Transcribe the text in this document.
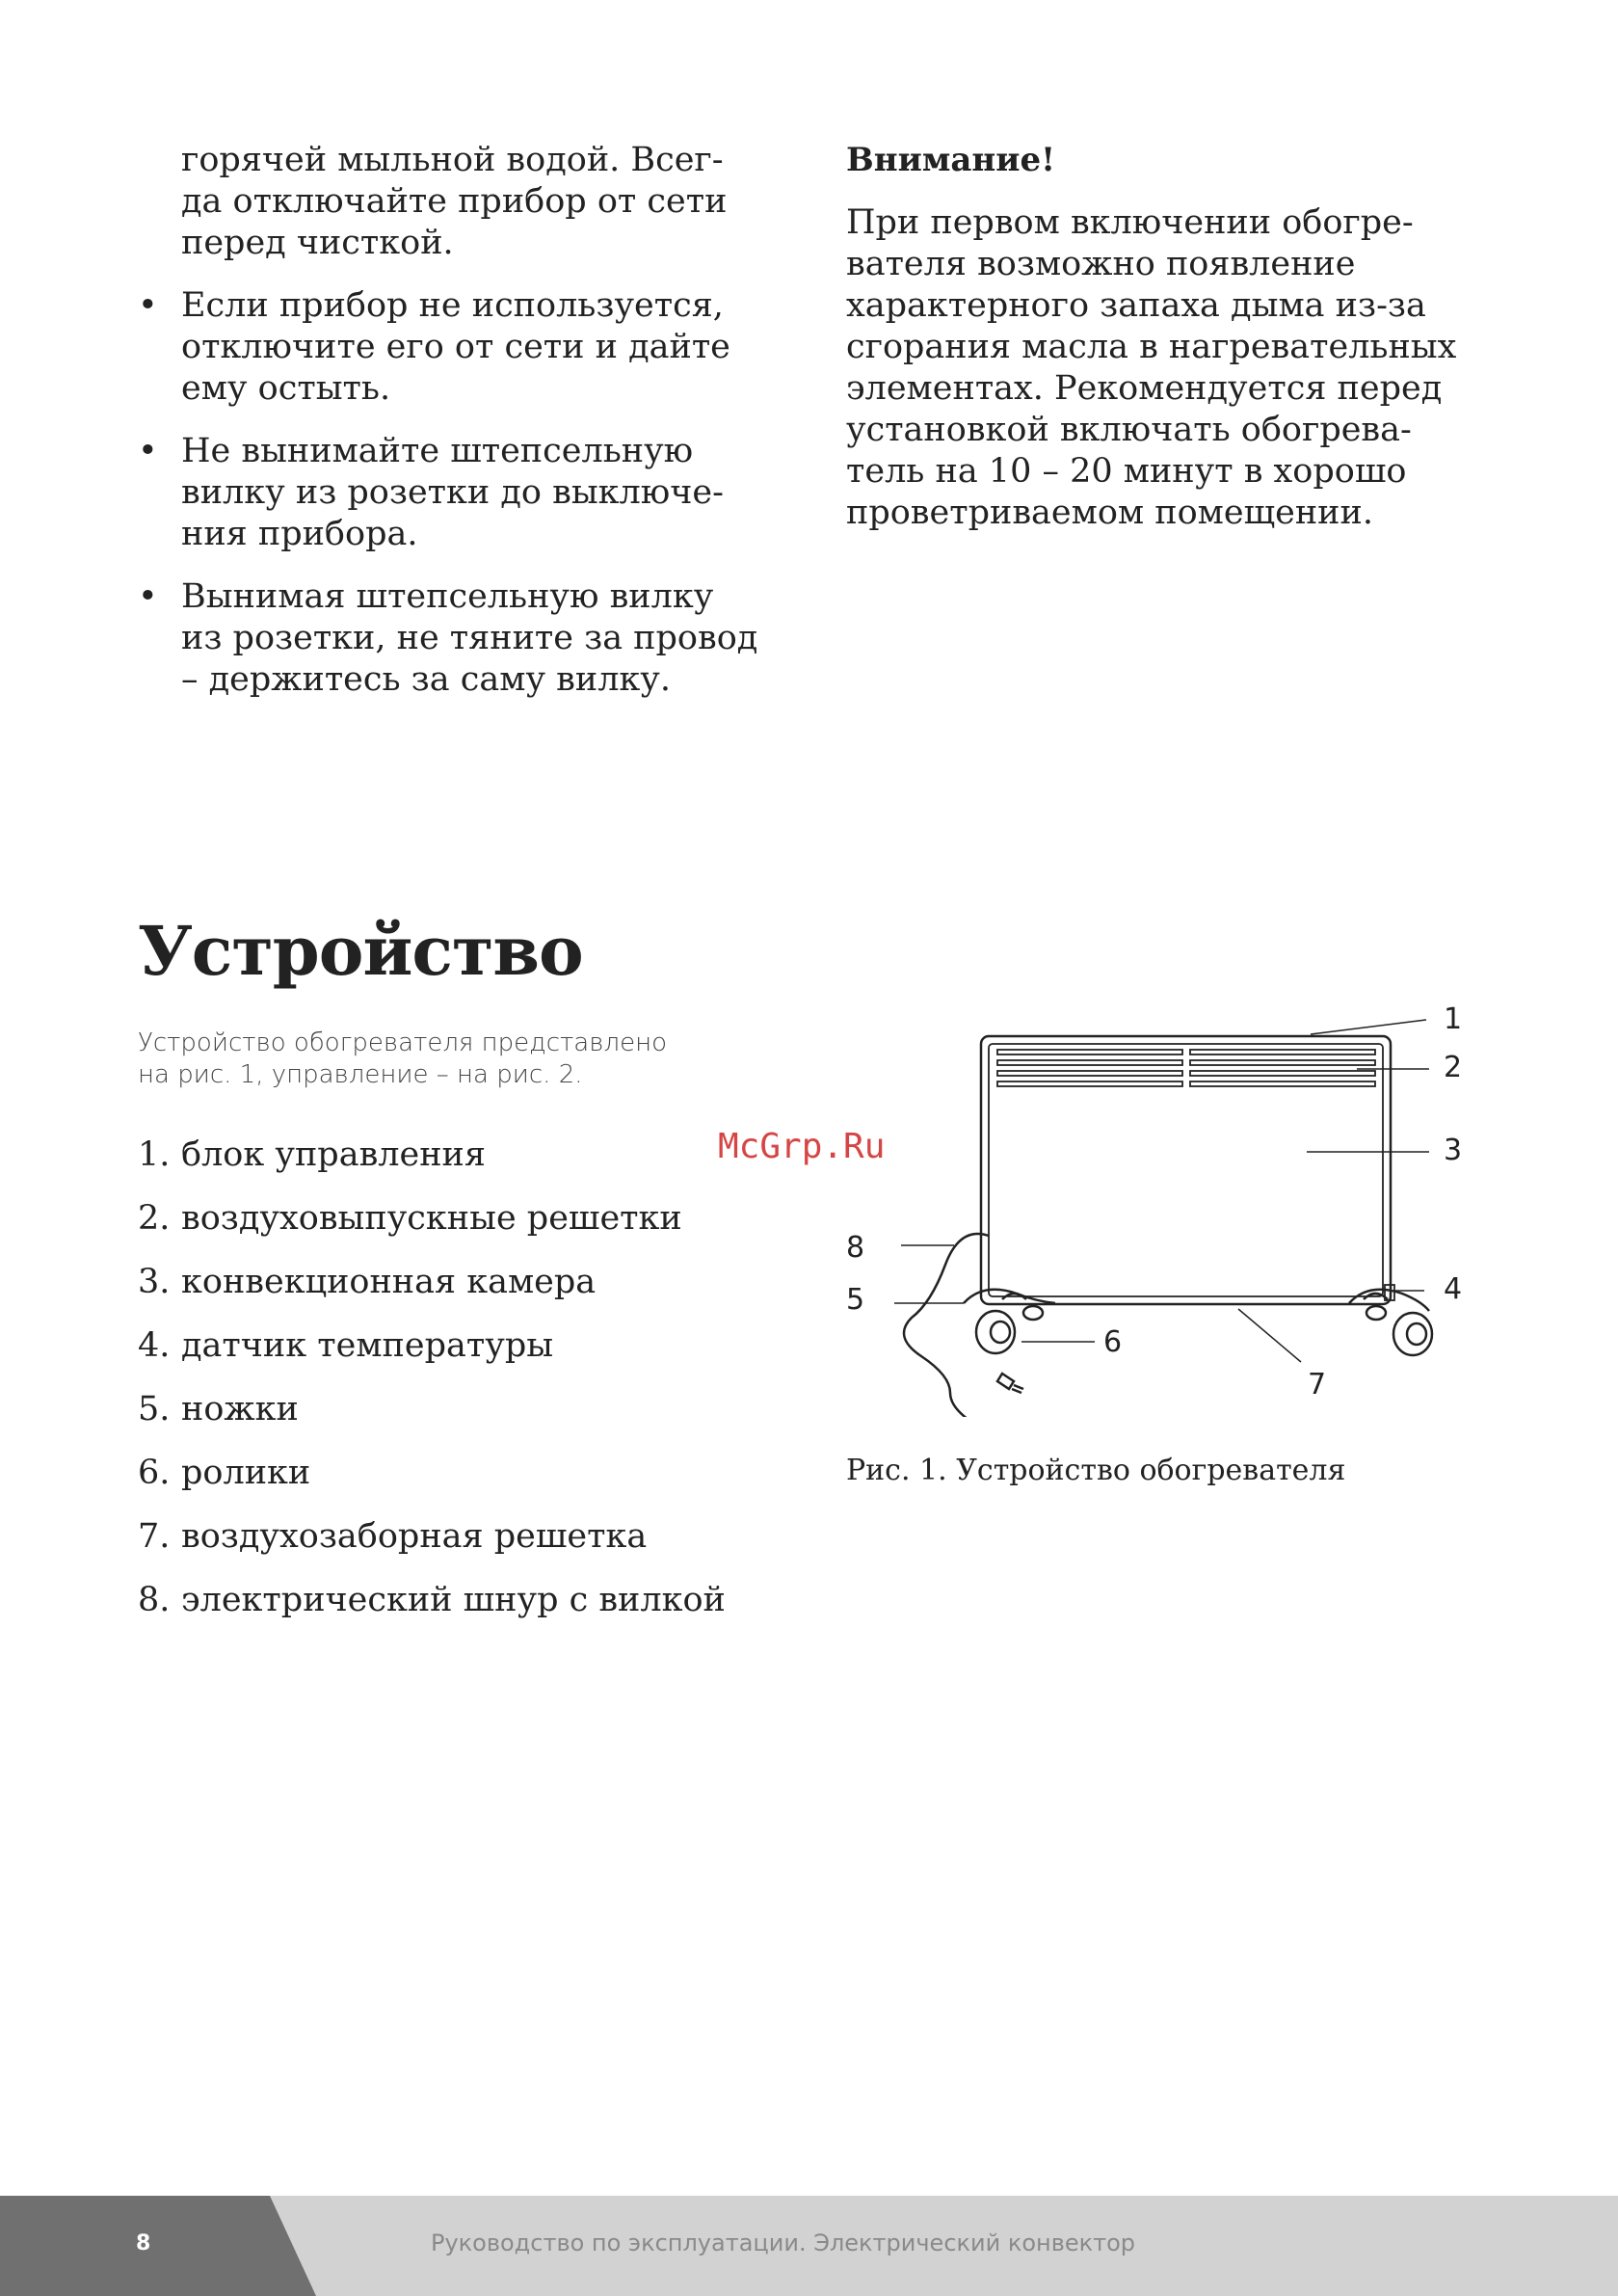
горячей мыльной водой. Всег-
да отключайте прибор от сети
перед чисткой.

• Если прибор не используется,
отключите его от сети и дайте
ему остыть.
• Не вынимайте штепсельную
вилку из розетки до выключе-
ния прибора.
• Вынимая штепсельную вилку
из розетки, не тяните за провод
– держитесь за саму вилку.
Внимание!

При первом включении обогре-
вателя возможно появление
характерного запаха дыма из-за
сгорания масла в нагревательных
элементах. Рекомендуется перед
установкой включать обогрева-
тель на 10 – 20 минут в хорошо
проветриваемом помещении.

Устройство
Устройство обогревателя представлено
на рис. 1, управление – на рис. 2.
1. блок управления
2. воздуховыпускные решетки
3. конвекционная камера
4. датчик температуры
5. ножки
6. ролики
7. воздухозаборная решетка
8. электрический шнур с вилкой
McGrp.Ru
1
2
3
4
5
6
7
8
Рис. 1. Устройство обогревателя
8	Руководство по эксплуатации. Электрический конвектор
